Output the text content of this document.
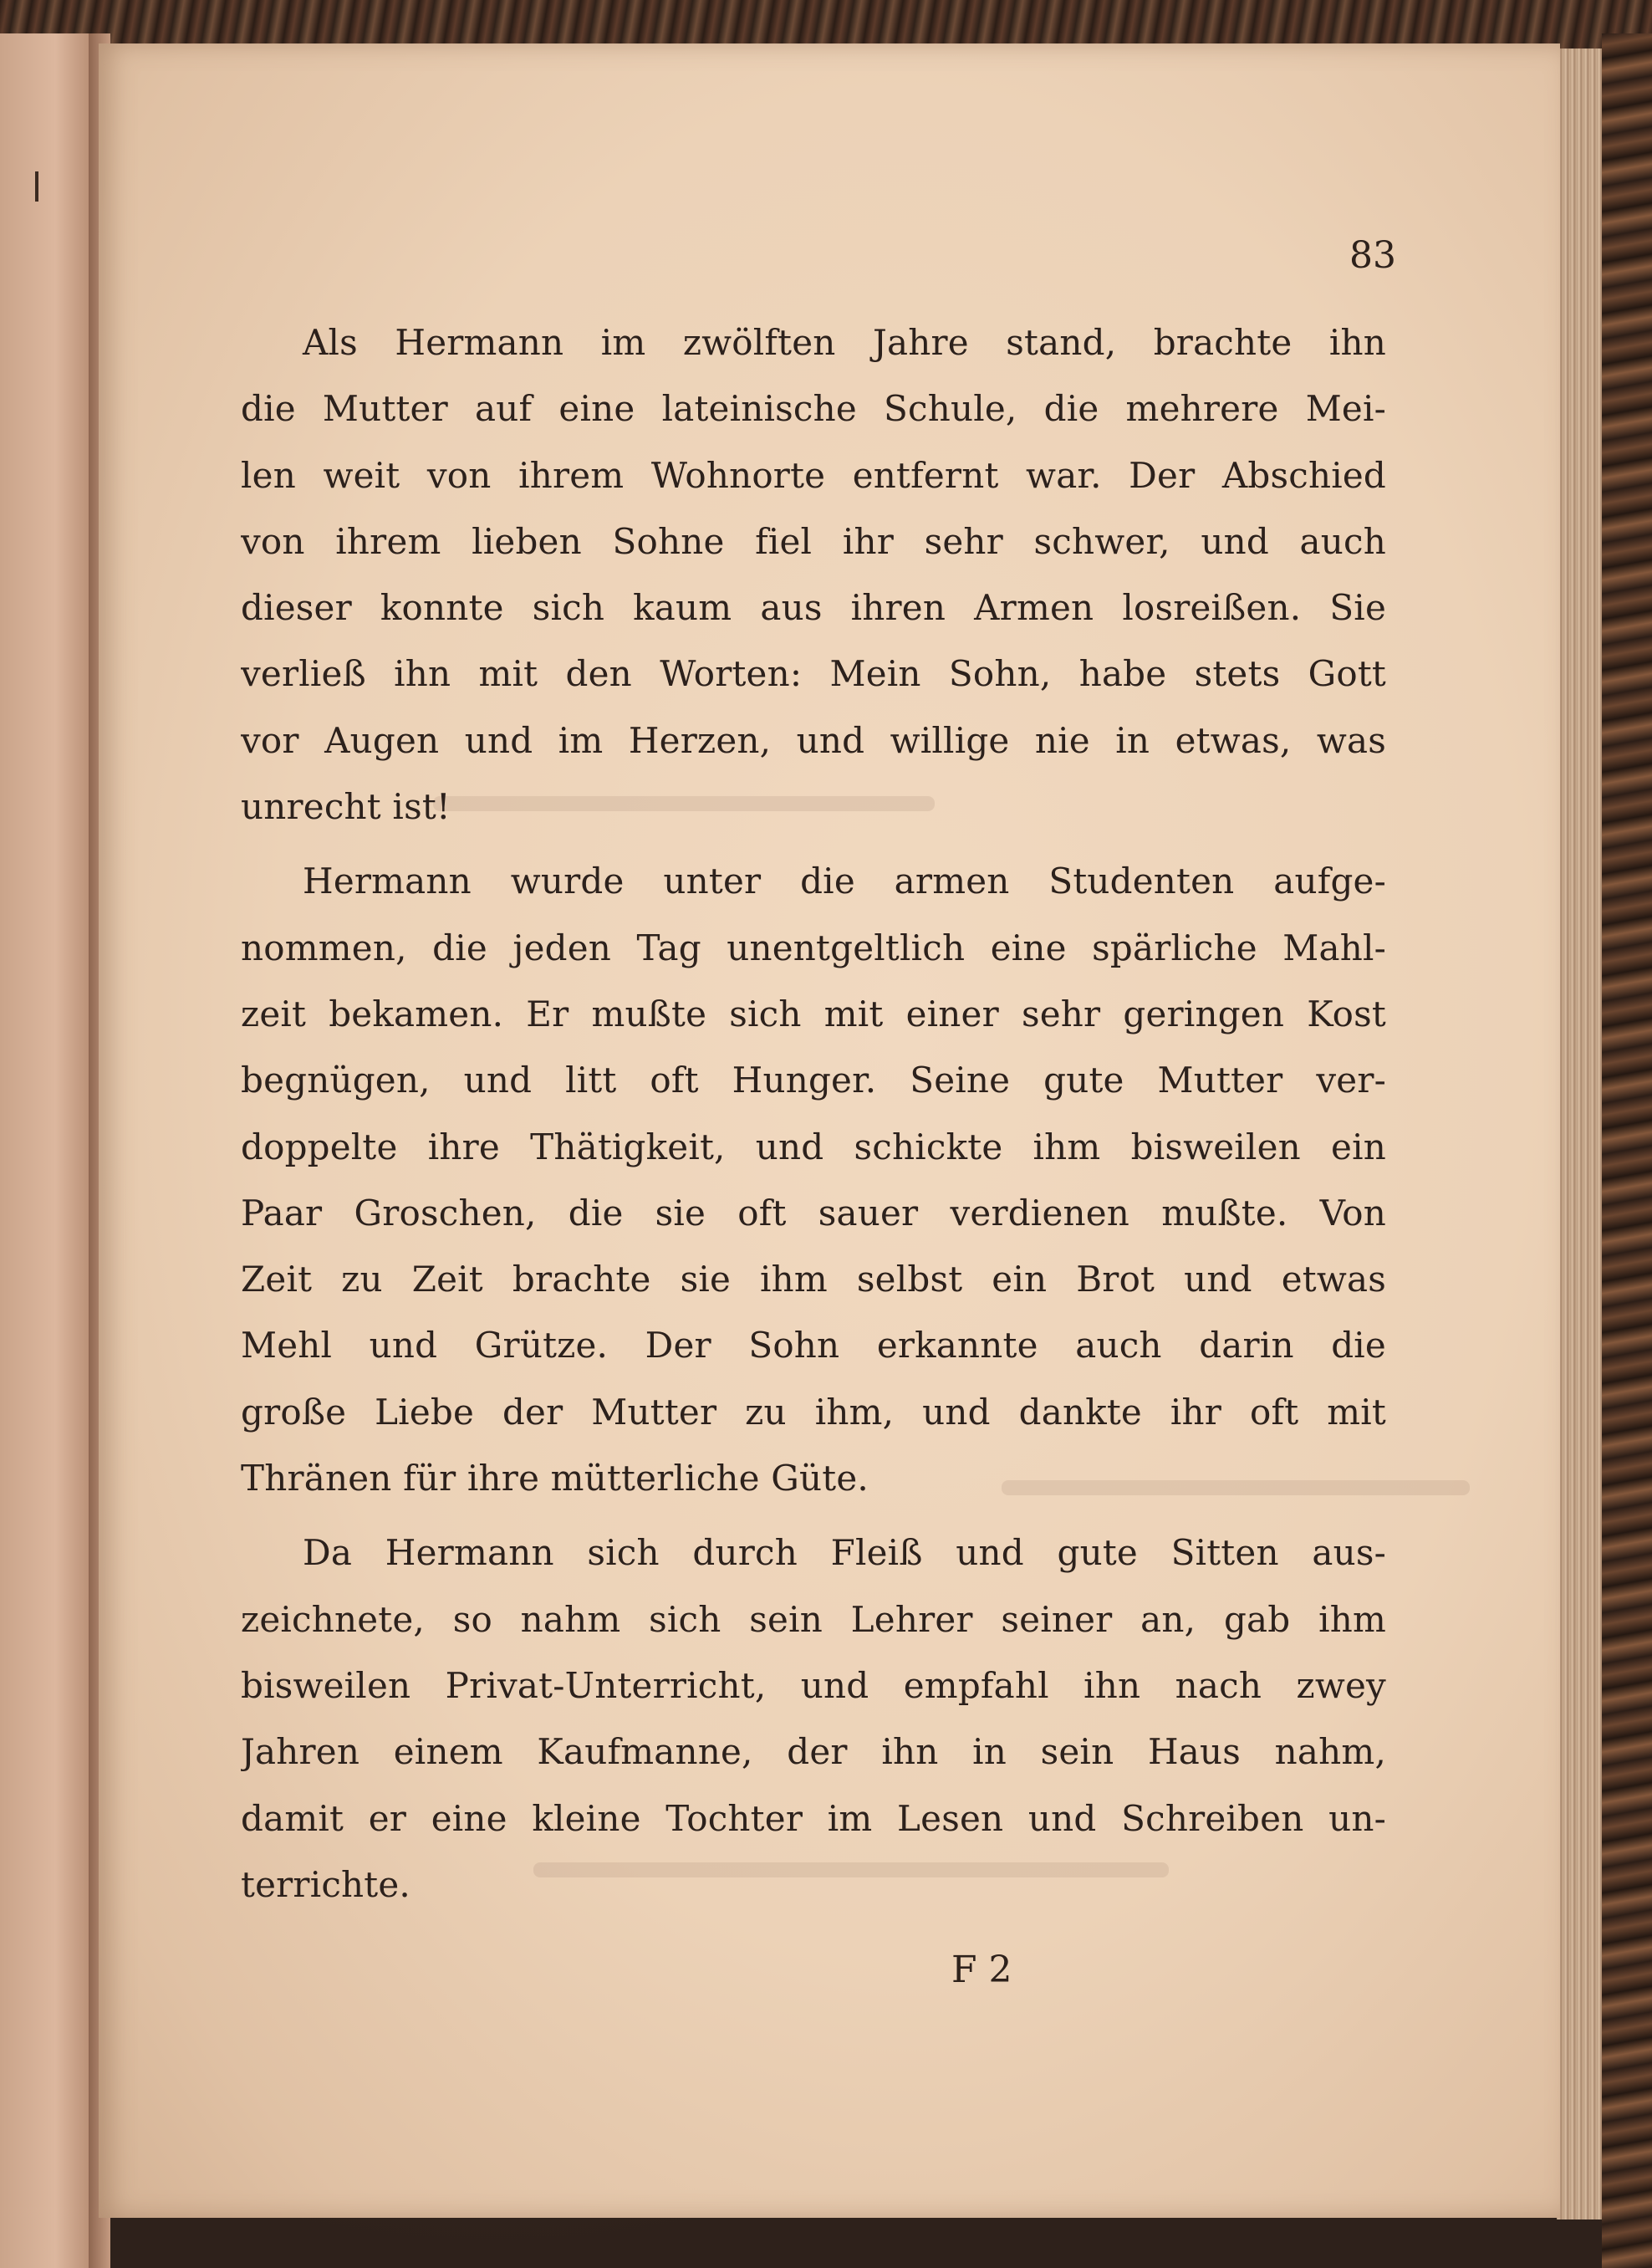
83
Als Hermann im zwölften Jahre stand, brachte ihn
die Mutter auf eine lateinische Schule, die mehrere Mei-
len weit von ihrem Wohnorte entfernt war. Der Abschied
von ihrem lieben Sohne fiel ihr sehr schwer, und auch
dieser konnte sich kaum aus ihren Armen losreißen. Sie
verließ ihn mit den Worten: Mein Sohn, habe stets Gott
vor Augen und im Herzen, und willige nie in etwas, was
unrecht ist!
Hermann wurde unter die armen Studenten aufge-
nommen, die jeden Tag unentgeltlich eine spärliche Mahl-
zeit bekamen. Er mußte sich mit einer sehr geringen Kost
begnügen, und litt oft Hunger. Seine gute Mutter ver-
doppelte ihre Thätigkeit, und schickte ihm bisweilen ein
Paar Groschen, die sie oft sauer verdienen mußte. Von
Zeit zu Zeit brachte sie ihm selbst ein Brot und etwas
Mehl und Grütze. Der Sohn erkannte auch darin die
große Liebe der Mutter zu ihm, und dankte ihr oft mit
Thränen für ihre mütterliche Güte.
Da Hermann sich durch Fleiß und gute Sitten aus-
zeichnete, so nahm sich sein Lehrer seiner an, gab ihm
bisweilen Privat-Unterricht, und empfahl ihn nach zwey
Jahren einem Kaufmanne, der ihn in sein Haus nahm,
damit er eine kleine Tochter im Lesen und Schreiben un-
terrichte.
F 2
